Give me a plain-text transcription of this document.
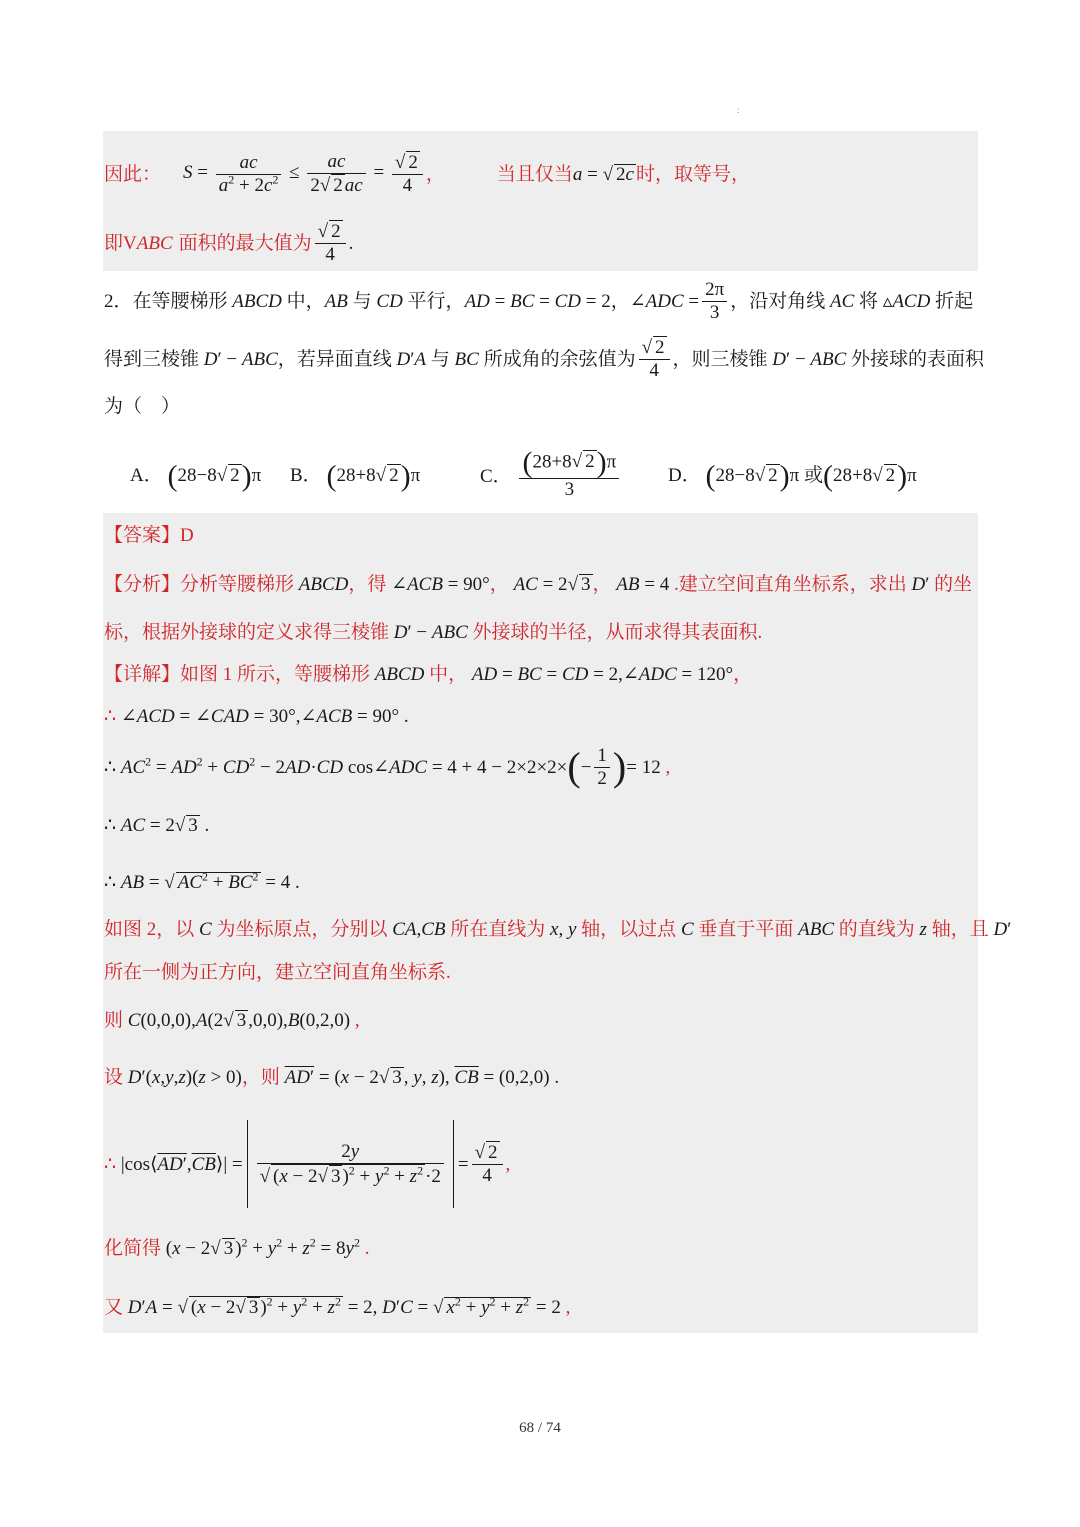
∶
因此： $S = \frac{ac}{a^2 + 2c^2} \le \frac{ac}{2 √ 2 ac}$ = √ $\frac{2}{4}$ ，	当且仅当 a = √ 2c 时，取等号，
即 VABC 面积的最大值为 √ $\frac{2}{4}$ .
2． 在等腰梯形 ABCD 中，AB 与 CD 平行，AD = BC = CD = 2，∠ADC = $\frac{2\pi}{3}$ ，沿对角线 AC 将 ▵ACD 折起
得到三棱锥 D′ − ABC，若异面直线 D′A 与 BC 所成角的余弦值为 √ $\frac{2}{4}$ ，则三棱锥 D′ − ABC 外接球的表面积
为（　）
A． (28−8 √ 2)π B． (28+8 √ 2)π	C． $\frac{(28+8 √ 2)\pi}{3}$	D． (28−8 √ 2)π 或(28+8 √ 2)π
【答案】D
【分析】分析等腰梯形 ABCD，得 ∠ACB = 90°， AC = 2 √ 3 ， AB = 4 .建立空间直角坐标系，求出 D′ 的坐
标，根据外接球的定义求得三棱锥 D′ − ABC 外接球的半径，从而求得其表面积.
【详解】如图 1 所示，等腰梯形 ABCD 中， AD = BC = CD = 2,∠ADC = 120°，
∴ ∠ACD = ∠CAD = 30°,∠ACB = 90° .
∴ $AC^2 = AD^2 + CD^2 - 2AD\cdot CD$ cos∠ADC = 4 + 4 − 2×2×2× ( − $\frac{1}{2}$ ) = 12 ,
∴ AC = 2 √ 3 .
∴ AB = √ $AC^2 + BC^2 = 4$ .
如图 2，以 C 为坐标原点，分别以 CA,CB 所在直线为 x, y 轴，以过点 C 垂直于平面 ABC 的直线为 z 轴，且 D′
所在一侧为正方向，建立空间直角坐标系.
则 C(0,0,0),A(2 √ 3 ,0,0),B(0,2,0) ,
设 D′(x,y,z)(z > 0)，则 AD′ = (x − 2 √ 3 , y, z), $\overline{CB} = (0,2,0)$ .
∴
$|\cos⟨AD',\overline{CB}⟩| = 2y$
√ (x − 2 √ 3 )$^2 + y^2 + z^2 \cdot 2$ = √ $\frac{2}{4}$ ,
化简得 (x − 2 √ 3 )$^2 + y^2 + z^2 = 8y^2$ .
又 D′A = √ (x − 2 √ 3 )$^2 + y^2 + z^2 = 2$, D′C = √ $x^2 + y^2 + z^2 = 2$ ,
68 / 74
